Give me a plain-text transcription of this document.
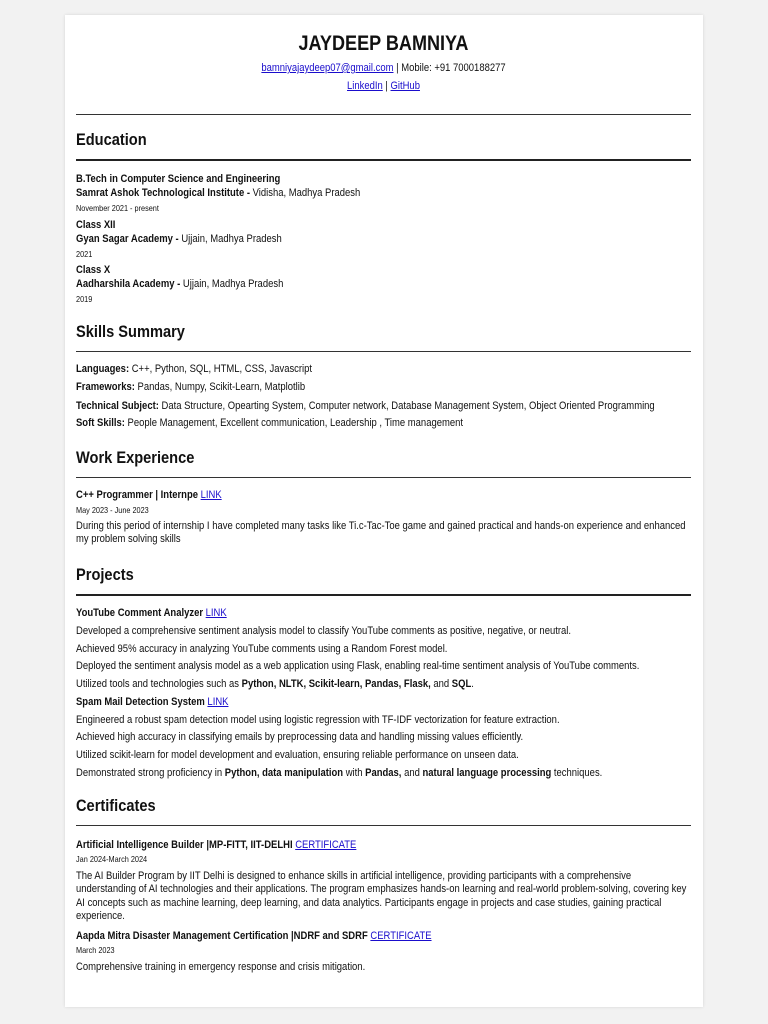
JAYDEEP BAMNIYA
bamniyajaydeep07@gmail.com | Mobile: +91 7000188277
LinkedIn | GitHub
Education
B.Tech in Computer Science and Engineering
Samrat Ashok Technological Institute - Vidisha, Madhya Pradesh
November 2021 - present
Class XII
Gyan Sagar Academy - Ujjain, Madhya Pradesh
2021
Class X
Aadharshila Academy - Ujjain, Madhya Pradesh
2019
Skills Summary
Languages: C++, Python, SQL, HTML, CSS, Javascript
Frameworks: Pandas, Numpy, Scikit-Learn, Matplotlib
Technical Subject: Data Structure, Opearting System, Computer network, Database Management System, Object Oriented Programming
Soft Skills: People Management, Excellent communication, Leadership , Time management
Work Experience
C++ Programmer | Internpe LINK
May 2023 - June 2023
During this period of internship I have completed many tasks like Ti.c-Tac-Toe game and gained practical and hands-on experience and enhanced my problem solving skills
Projects
YouTube Comment Analyzer LINK
Developed a comprehensive sentiment analysis model to classify YouTube comments as positive, negative, or neutral.
Achieved 95% accuracy in analyzing YouTube comments using a Random Forest model.
Deployed the sentiment analysis model as a web application using Flask, enabling real-time sentiment analysis of YouTube comments.
Utilized tools and technologies such as Python, NLTK, Scikit-learn, Pandas, Flask, and SQL.
Spam Mail Detection System LINK
Engineered a robust spam detection model using logistic regression with TF-IDF vectorization for feature extraction.
Achieved high accuracy in classifying emails by preprocessing data and handling missing values efficiently.
Utilized scikit-learn for model development and evaluation, ensuring reliable performance on unseen data.
Demonstrated strong proficiency in Python, data manipulation with Pandas, and natural language processing techniques.
Certificates
Artificial Intelligence Builder |MP-FITT, IIT-DELHI CERTIFICATE
Jan 2024-March 2024
The AI Builder Program by IIT Delhi is designed to enhance skills in artificial intelligence, providing participants with a comprehensive understanding of AI technologies and their applications. The program emphasizes hands-on learning and real-world problem-solving, covering key AI concepts such as machine learning, deep learning, and data analytics. Participants engage in projects and case studies, gaining practical experience.
Aapda Mitra Disaster Management Certification |NDRF and SDRF CERTIFICATE
March 2023
Comprehensive training in emergency response and crisis mitigation.
